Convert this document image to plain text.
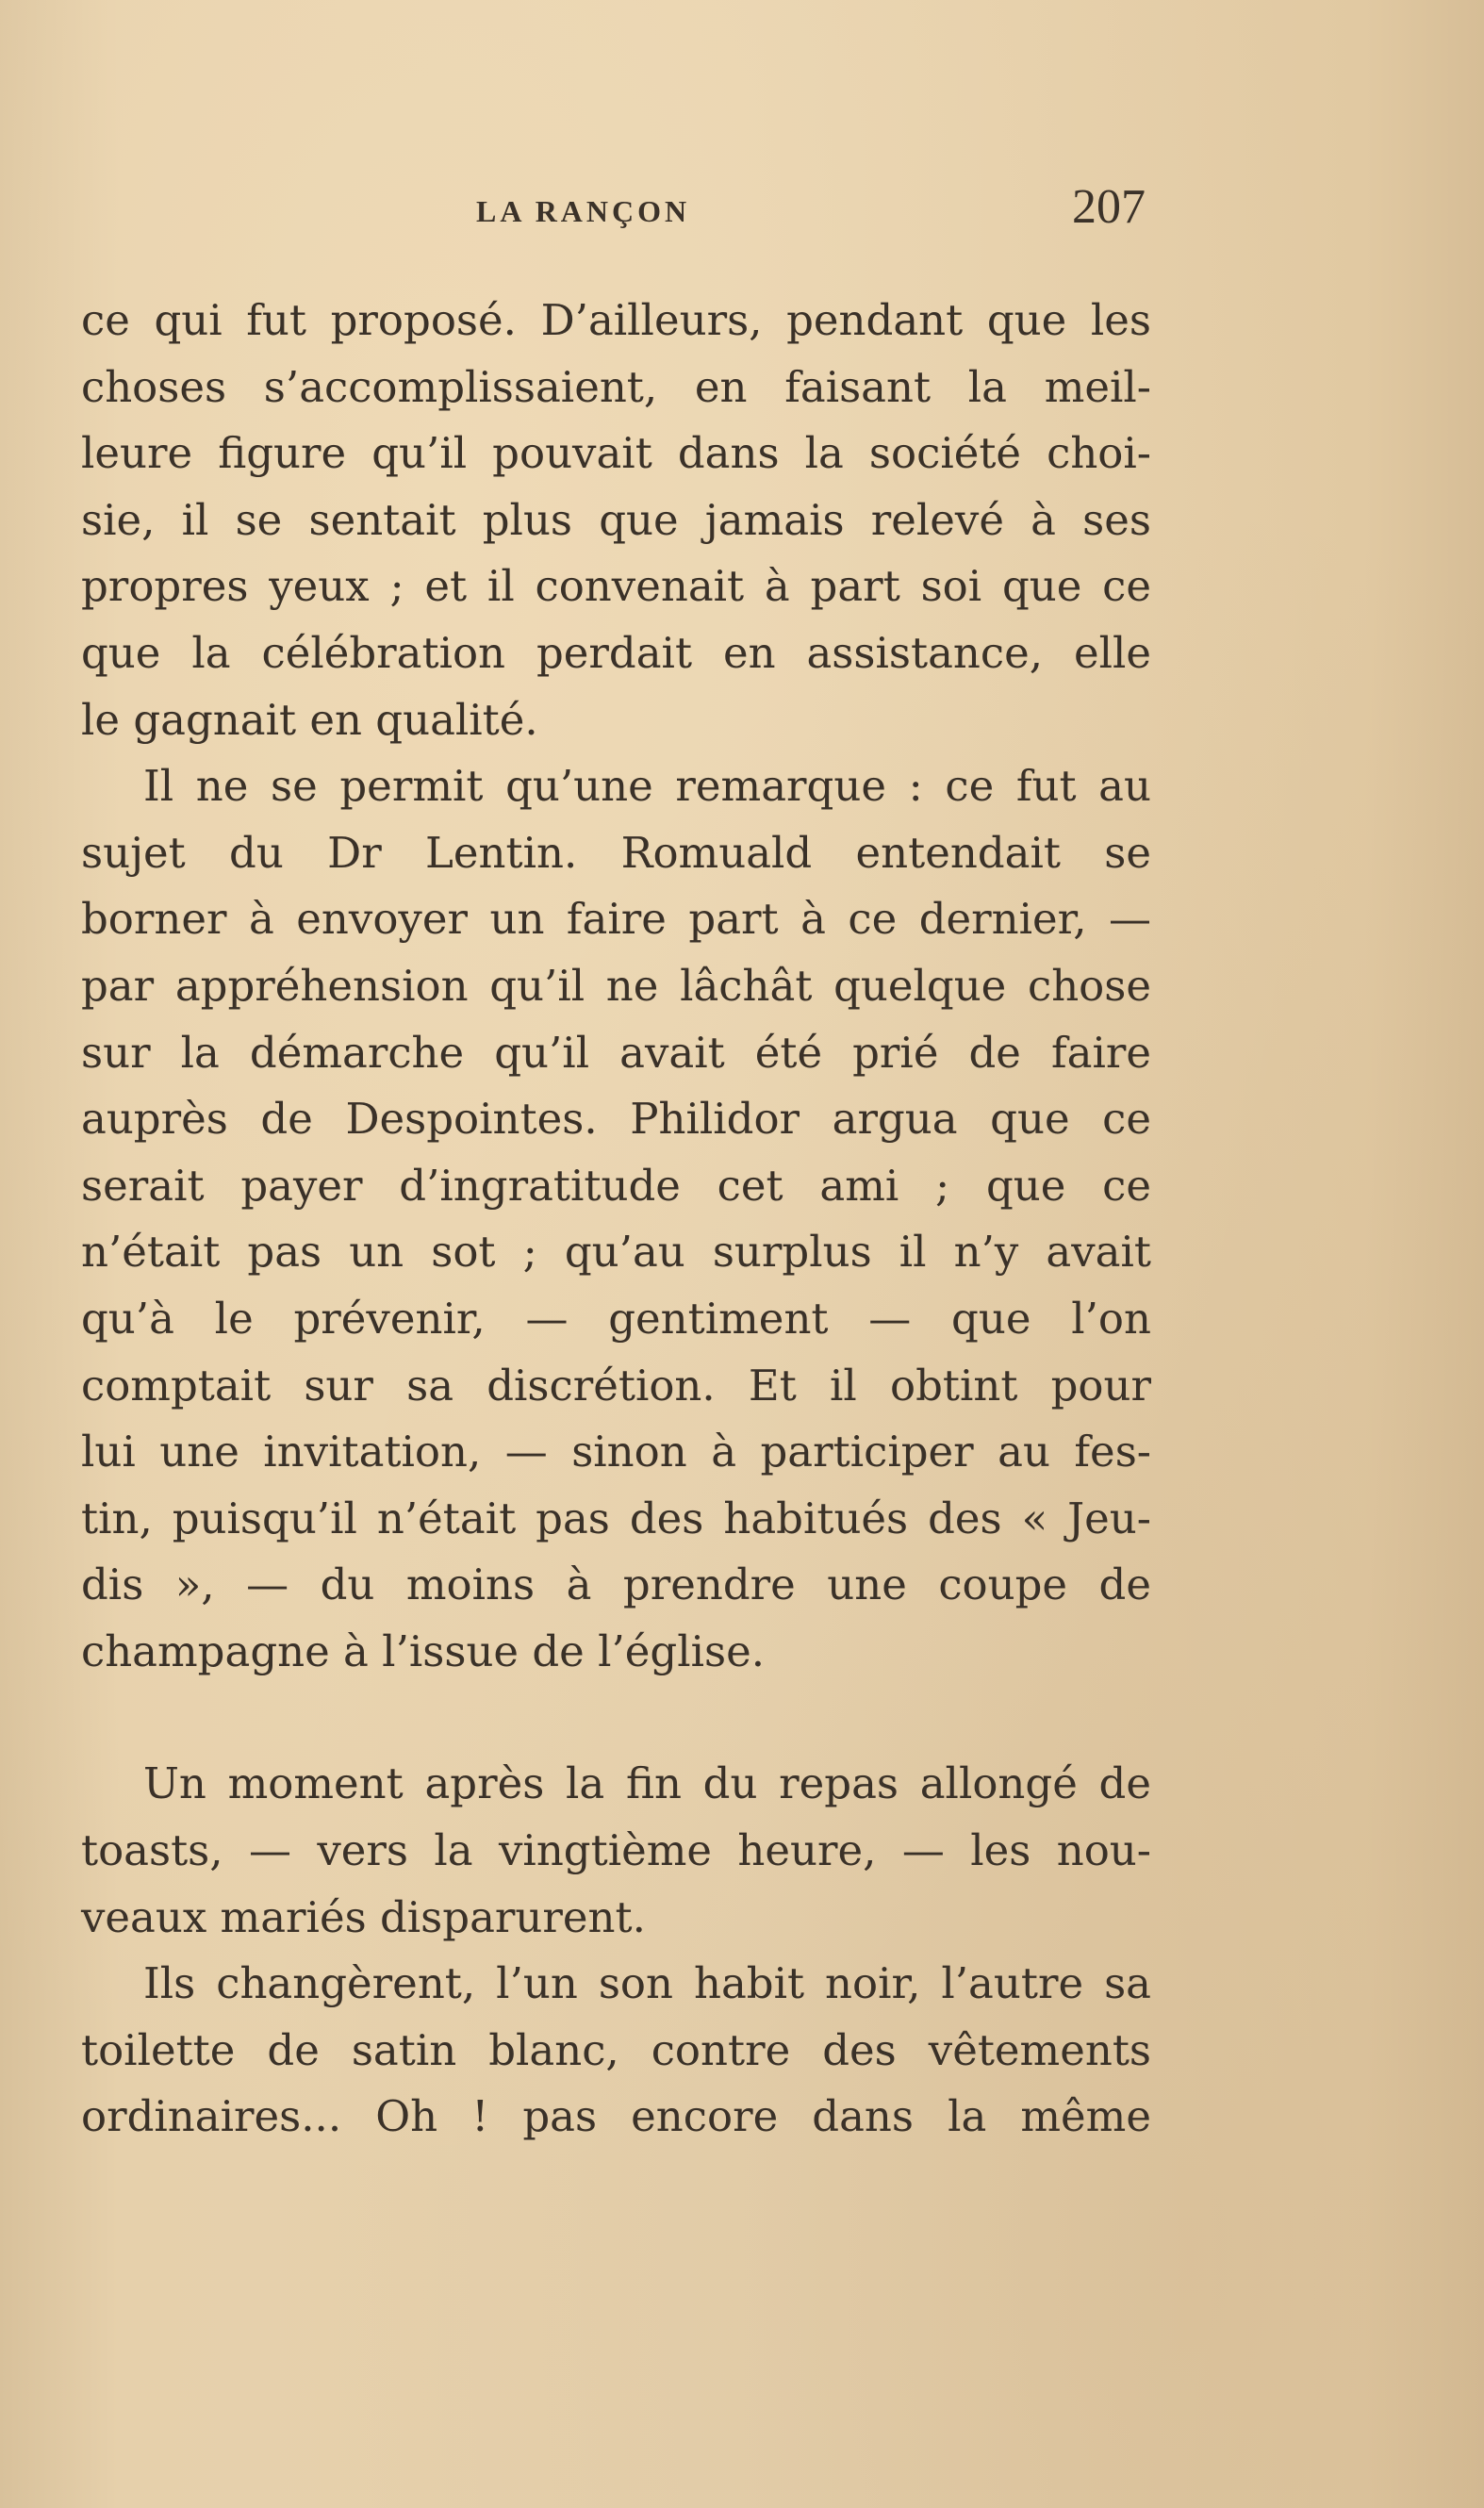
LA RANÇON	207

ce qui fut proposé. D’ailleurs, pendant que les
choses s’accomplissaient, en faisant la meil-
leure figure qu’il pouvait dans la société choi-
sie, il se sentait plus que jamais relevé à ses
propres yeux ; et il convenait à part soi que ce
que la célébration perdait en assistance, elle
le gagnait en qualité.

Il ne se permit qu’une remarque : ce fut au
sujet du Dr Lentin. Romuald entendait se
borner à envoyer un faire part à ce dernier, —
par appréhension qu’il ne lâchât quelque chose
sur la démarche qu’il avait été prié de faire
auprès de Despointes. Philidor argua que ce
serait payer d’ingratitude cet ami ; que ce
n’était pas un sot ; qu’au surplus il n’y avait
qu’à le prévenir, — gentiment — que l’on
comptait sur sa discrétion. Et il obtint pour
lui une invitation, — sinon à participer au fes-
tin, puisqu’il n’était pas des habitués des « Jeu-
dis », — du moins à prendre une coupe de
champagne à l’issue de l’église.

Un moment après la fin du repas allongé de
toasts, — vers la vingtième heure, — les nou-
veaux mariés disparurent.

Ils changèrent, l’un son habit noir, l’autre sa
toilette de satin blanc, contre des vêtements
ordinaires... Oh ! pas encore dans la même
